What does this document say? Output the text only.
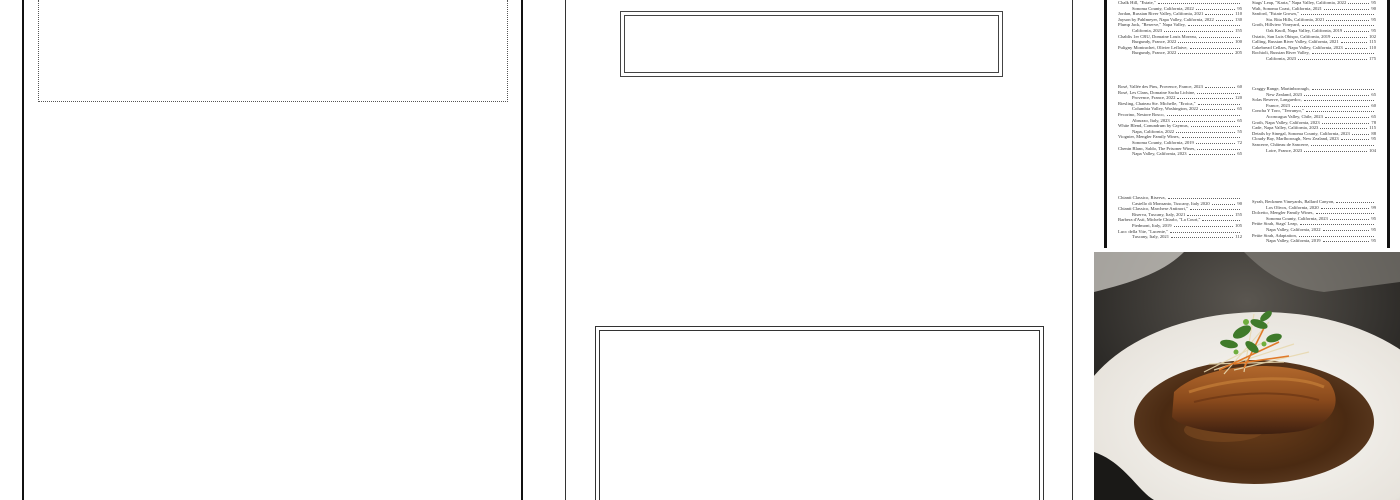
Chalk Hill, "Estate,"
Sonoma County, California, 2022	95
Jordan, Russian River Valley, California, 2021	110
Jayson by Pahlmeyer, Napa Valley, California, 2022	130
Plump Jack, "Reserve," Napa Valley,
California, 2023	155
Chablis 1er CRU, Domaine Louis Moreau,
Burgundy, France, 2022	100
Puligny Montrachet, Olivier Leflaive,
Burgundy, France, 2022	205
Rosé, Vallée des Pins, Provence, France, 2023	60
Rosé, Les Clans, Domaine Sacha Lichine,
Provence, France, 2022	120
Riesling, Chateau Ste. Michelle, "Eroica,"
Columbia Valley, Washington, 2022	65
Pecorino, Nestore Bosco,
Abruzzo, Italy, 2023	65
White Blend, Conundrum by Caymus,
Napa, California, 2022	55
Viognier, Mengler Family Wines,
Sonoma County, California, 2019	72
Chenin Blanc, Saldo, The Prisoner Wines,
Napa Valley, California, 2023	65
Chianti Classico, Riserva,
Castello di Monsanto, Tuscany, Italy 2020	90
Chianti Classico, Marchese Antinori,"
Riserva, Tuscany, Italy, 2021	155
Barbera d'Asti, Michele Chiarlo, "La Court,"
Piedmont, Italy, 2019	105
Lucc della Vite, "Lucente,"
Tuscany, Italy, 2021	112
Stags' Leap, "Karia," Napa Valley, California, 2022	95
Walt, Sonoma Coast, California, 2021	90
Sanford, "Estate Grown,"
Sta. Rita Hills, California, 2021	95
Groth, Hillview Vineyard,
Oak Knoll, Napa Valley, California, 2019	95
Ostatic, San Luis Obispo, California, 2019	102
Calling, Russian River Valley, California, 2021	115
Cakebread Cellars, Napa Valley, California, 2023	110
Rochioli, Russian River Valley,
California, 2023	175
Craggy Range, Martinborough,
New Zealand, 2023	65
Solas Reserve, Languedoc,
France, 2023	60
Concha Y Toro, "Terrunyo,"
Aconcagua Valley, Chile, 2023	65
Groth, Napa Valley, California, 2023	78
Cade, Napa Valley, California, 2023	115
Details by Sinegal, Sonoma County, California, 2023	88
Cloudy Bay, Marlborough, New Zealand, 2023	95
Sancerre, Château de Sancerre,
Loire, France, 2023	104
Syrah, Beckmen Vineyards, Ballard Canyon,
Los Olivos, California, 2020	99
Dolcetto, Mengler Family Wines,
Sonoma County, California, 2023	95
Petite Sirah, Stags' Leap,
Napa Valley, California, 2022	95
Petite Sirah, Adaptation,
Napa Valley, California, 2019	95
